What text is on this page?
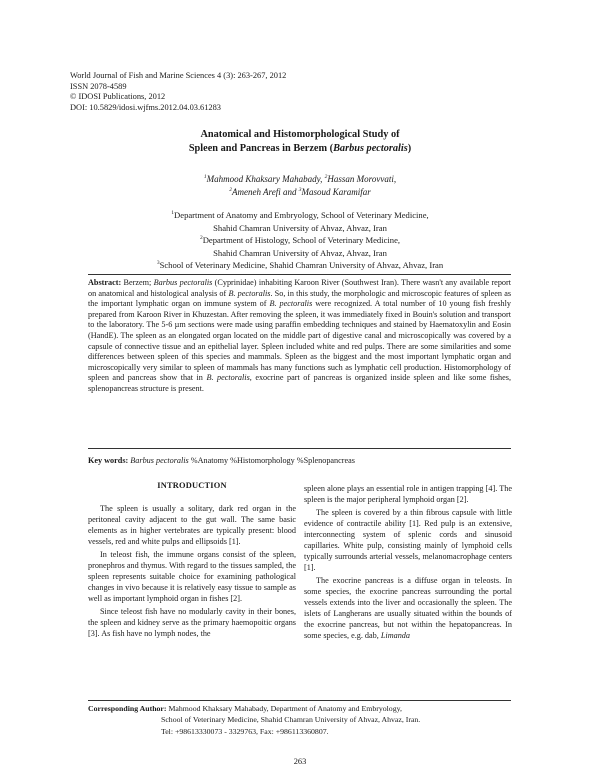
World Journal of Fish and Marine Sciences 4 (3): 263-267, 2012
ISSN 2078-4589
© IDOSI Publications, 2012
DOI: 10.5829/idosi.wjfms.2012.04.03.61283
Anatomical and Histomorphological Study of
Spleen and Pancreas in Berzem (Barbus pectoralis)
$^1$Mahmood Khaksary Mahabady, $^2$Hassan Morovvati,
$^2$Ameneh Arefi and $^3$Masoud Karamifar
$^1$Department of Anatomy and Embryology, School of Veterinary Medicine,
Shahid Chamran University of Ahvaz, Ahvaz, Iran
$^2$Department of Histology, School of Veterinary Medicine,
Shahid Chamran University of Ahvaz, Ahvaz, Iran
$^3$School of Veterinary Medicine, Shahid Chamran University of Ahvaz, Ahvaz, Iran
Abstract: Berzem; Barbus pectoralis (Cyprinidae) inhabiting Karoon River (Southwest Iran). There wasn't any available report on anatomical and histological analysis of B. pectoralis. So, in this study, the morphologic and microscopic features of spleen as the important lymphatic organ on immune system of B. pectoralis were recognized. A total number of 10 young fish freshly prepared from Karoon River in Khuzestan. After removing the spleen, it was immediately fixed in Bouin's solution and transport to the laboratory. The 5-6 µm sections were made using paraffin embedding techniques and stained by Haematoxylin and Eosin (HandE). The spleen as an elongated organ located on the middle part of digestive canal and microscopically was covered by a capsule of connective tissue and an epithelial layer. Spleen included white and red pulps. There are some similarities and some differences between spleen of this species and mammals. Spleen as the biggest and the most important lymphatic organ and microscopically very similar to spleen of mammals has many functions such as lymphatic cell production. Histomorphology of spleen and pancreas show that in B. pectoralis, exocrine part of pancreas is organized inside spleen and like some fishes, splenopancreas structure is present.
Key words: Barbus pectoralis %Anatomy %Histomorphology %Splenopancreas
INTRODUCTION

The spleen is usually a solitary, dark red organ in the peritoneal cavity adjacent to the gut wall. The same basic elements as in higher vertebrates are typically present: blood vessels, red and white pulps and ellipsoids [1].

In teleost fish, the immune organs consist of the spleen, pronephros and thymus. With regard to the tissues sampled, the spleen represents suitable choice for examining pathological changes in vivo because it is relatively easy tissue to sample as well as important lymphoid organ in fishes [2].

Since teleost fish have no modularly cavity in their bones, the spleen and kidney serve as the primary haemopoitic organs [3]. As fish have no lymph nodes, the

spleen alone plays an essential role in antigen trapping [4]. The spleen is the major peripheral lymphoid organ [2].

The spleen is covered by a thin fibrous capsule with little evidence of contractile ability [1]. Red pulp is an extensive, interconnecting system of splenic cords and sinusoid capillaries. White pulp, consisting mainly of lymphoid cells typically surrounds arterial vessels, melanomacrophage centers [1].

The exocrine pancreas is a diffuse organ in teleosts. In some species, the exocrine pancreas surrounding the portal vessels extends into the liver and occasionally the spleen. The islets of Langherans are usually situated within the bounds of the exocrine pancreas, but not within the hepatopancreas. In some species, e.g. dab, Limanda

Corresponding Author: Mahmood Khaksary Mahabady, Department of Anatomy and Embryology,
School of Veterinary Medicine, Shahid Chamran University of Ahvaz, Ahvaz, Iran.
Tel: +98613330073 - 3329763, Fax: +986113360807.
263
